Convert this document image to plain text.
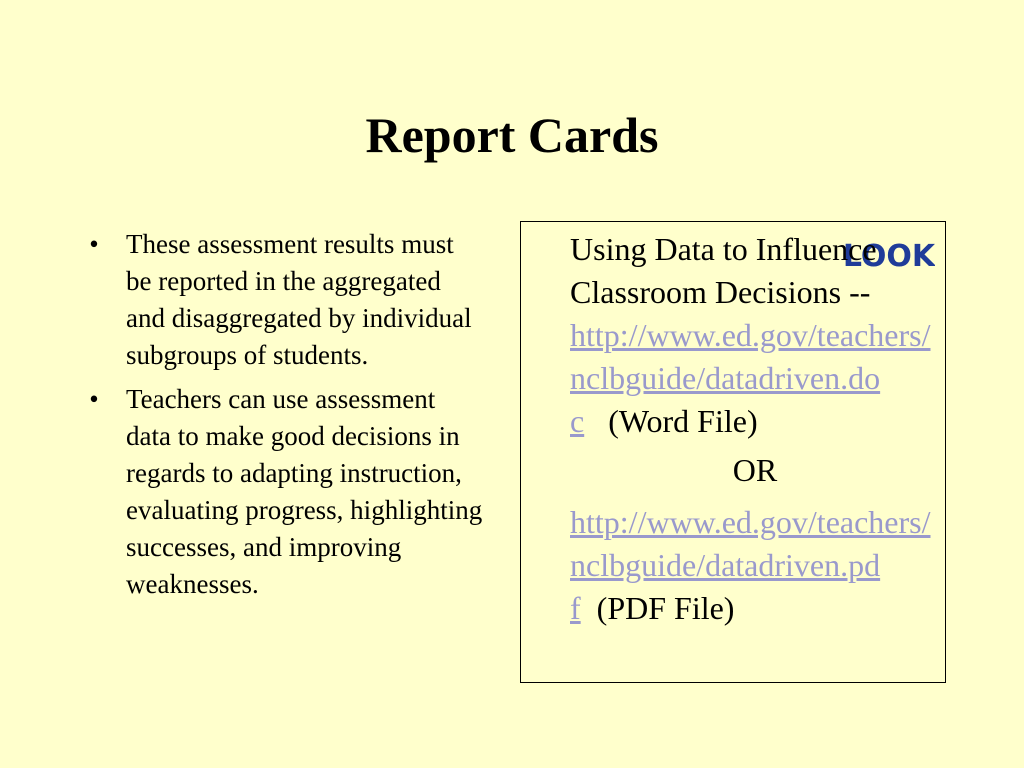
Report Cards
• These assessment results must be reported in the aggregated and disaggregated by individual subgroups of students.
• Teachers can use assessment data to make good decisions in regards to adapting instruction, evaluating progress, highlighting successes, and improving weaknesses.
LOOK

Using Data to Influence Classroom Decisions --

http://www.ed.gov/teachers/nclbguide/datadriven.doc (Word File)

OR

http://www.ed.gov/teachers/nclbguide/datadriven.pdf (PDF File)
